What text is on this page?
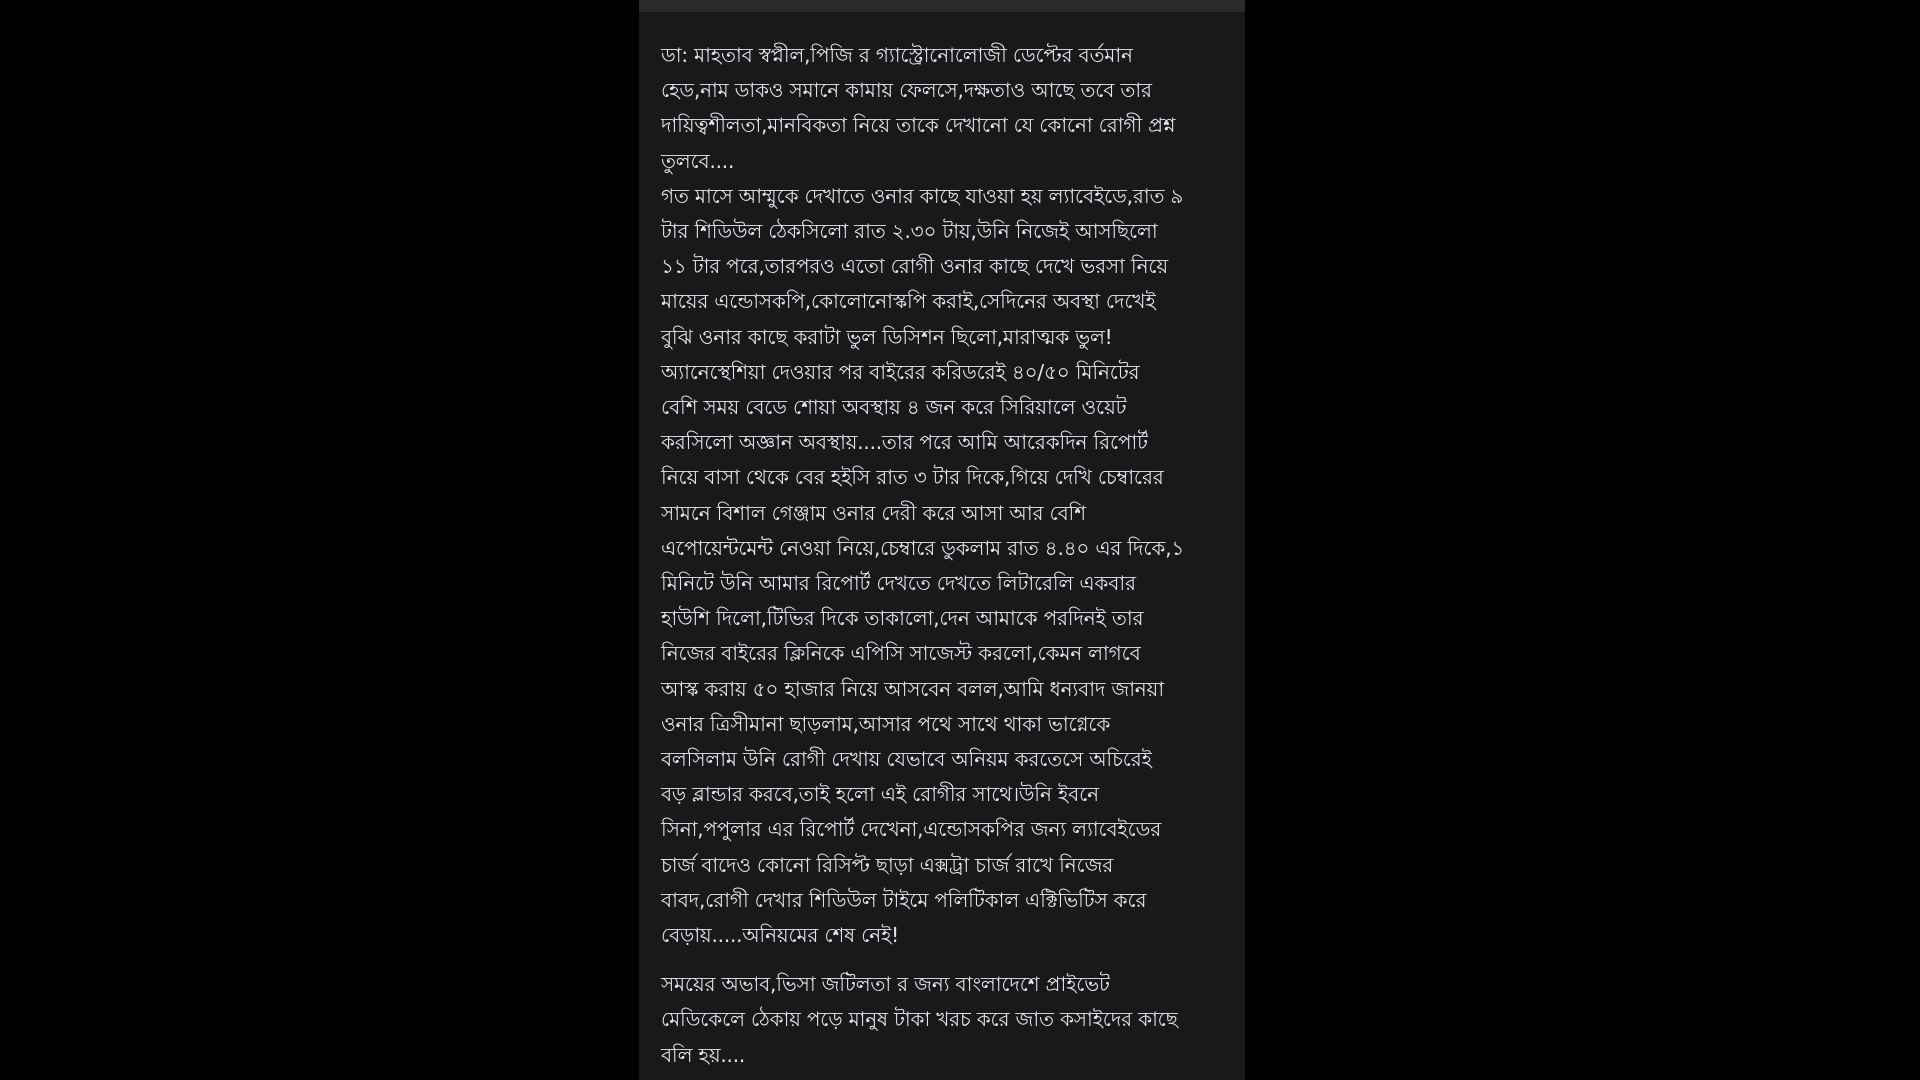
ডা: মাহতাব স্বপ্নীল,পিজি র গ্যাস্ট্রোনোলোজী ডেপ্টের বর্তমান
হেড,নাম ডাকও সমানে কামায় ফেলসে,দক্ষতাও আছে তবে তার
দায়িত্বশীলতা,মানবিকতা নিয়ে তাকে দেখানো যে কোনো রোগী প্রশ্ন
তুলবে....

গত মাসে আম্মুকে দেখাতে ওনার কাছে যাওয়া হয় ল্যাবেইডে,রাত ৯
টার শিডিউল ঠেকসিলো রাত ২.৩০ টায়,উনি নিজেই আসছিলো
১১ টার পরে,তারপরও এতো রোগী ওনার কাছে দেখে ভরসা নিয়ে
মায়ের এন্ডোসকপি,কোলোনোস্কপি করাই,সেদিনের অবস্থা দেখেই
বুঝি ওনার কাছে করাটা ভুল ডিসিশন ছিলো,মারাত্মক ভুল!
অ্যানেস্থেশিয়া দেওয়ার পর বাইরের করিডরেই ৪০/৫০ মিনিটের
বেশি সময় বেডে শোয়া অবস্থায় ৪ জন করে সিরিয়ালে ওয়েট
করসিলো অজ্ঞান অবস্থায়....তার পরে আমি আরেকদিন রিপোর্ট
নিয়ে বাসা থেকে বের হইসি রাত ৩ টার দিকে,গিয়ে দেখি চেম্বারের
সামনে বিশাল গেঞ্জাম ওনার দেরী করে আসা আর বেশি
এপোয়েন্টমেন্ট নেওয়া নিয়ে,চেম্বারে ডুকলাম রাত ৪.৪০ এর দিকে,১
মিনিটে উনি আমার রিপোর্ট দেখতে দেখতে লিটারেলি একবার
হাউশি দিলো,টিভির দিকে তাকালো,দেন আমাকে পরদিনই তার
নিজের বাইরের ক্লিনিকে এপিসি সাজেস্ট করলো,কেমন লাগবে
আস্ক করায় ৫০ হাজার নিয়ে আসবেন বলল,আমি ধন্যবাদ জানয়া
ওনার ত্রিসীমানা ছাড়লাম,আসার পথে সাথে থাকা ভাগ্নেকে
বলসিলাম উনি রোগী দেখায় যেভাবে অনিয়ম করতেসে অচিরেই
বড় ব্লান্ডার করবে,তাই হলো এই রোগীর সাথে।উনি ইবনে
সিনা,পপুলার এর রিপোর্ট দেখেনা,এন্ডোসকপির জন্য ল্যাবেইডের
চার্জ বাদেও কোনো রিসিপ্ট ছাড়া এক্সট্রা চার্জ রাখে নিজের
বাবদ,রোগী দেখার শিডিউল টাইমে পলিটিকাল এক্টিভিটিস করে
বেড়ায়.....অনিয়মের শেষ নেই!

সময়ের অভাব,ভিসা জটিলতা র জন্য বাংলাদেশে প্রাইভেট
মেডিকেলে ঠেকায় পড়ে মানুষ টাকা খরচ করে জাত কসাইদের কাছে
বলি হয়....
